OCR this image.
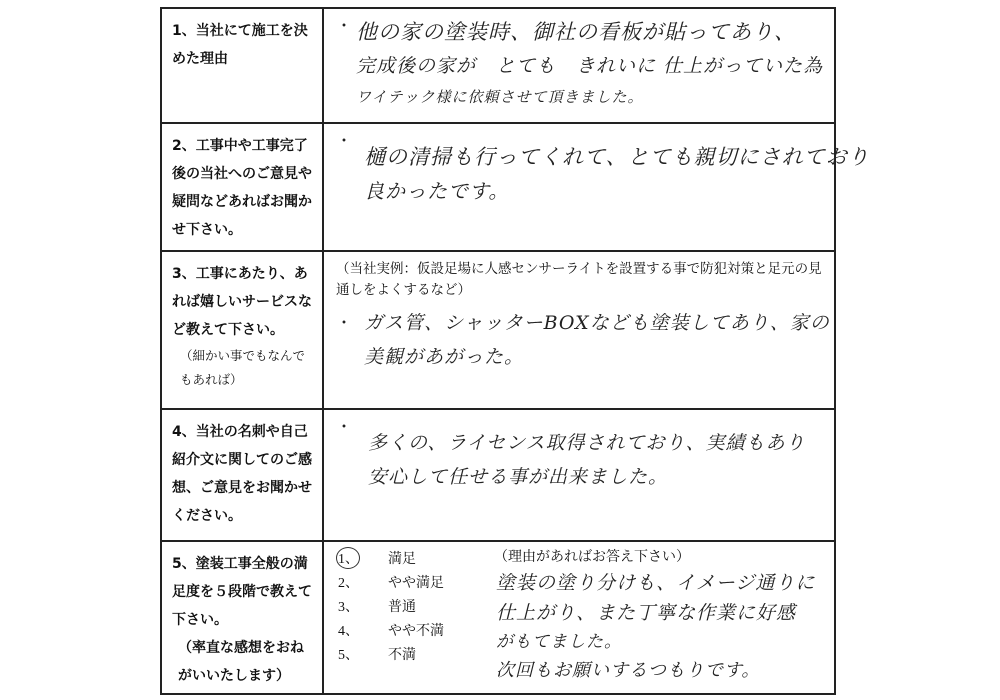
1、当社にて施工を決めた理由
・ 他の家の塗装時、御社の看板が貼ってあり、
完成後の家が　とても　きれいに 仕上がっていた為
ワイテック様に依頼させて頂きました。
2、工事中や工事完了後の当社へのご意見や疑問などあればお聞かせ下さい。
・
樋の清掃も行ってくれて、とても親切にされており
良かったです。
3、工事にあたり、あれば嬉しいサービスなど教えて下さい。
（細かい事でもなんでもあれば）
（当社実例：仮設足場に人感センサーライトを設置する事で防犯対策と足元の見通しをよくするなど）
・ ガス管、シャッターBOXなども塗装してあり、家の
美観があがった。
4、当社の名刺や自己紹介文に関してのご感想、ご意見をお聞かせください。
・
多くの、ライセンス取得されており、実績もあり
安心して任せる事が出来ました。
5、塗装工事全般の満足度を５段階で教えて下さい。
（率直な感想をおねがいいたします）
1、	満足
2、	やや満足
3、	普通
4、	やや不満
5、	不満
（理由があればお答え下さい）
塗装の塗り分けも、イメージ通りに
仕上がり、また丁寧な作業に好感
がもてました。
次回もお願いするつもりです。
